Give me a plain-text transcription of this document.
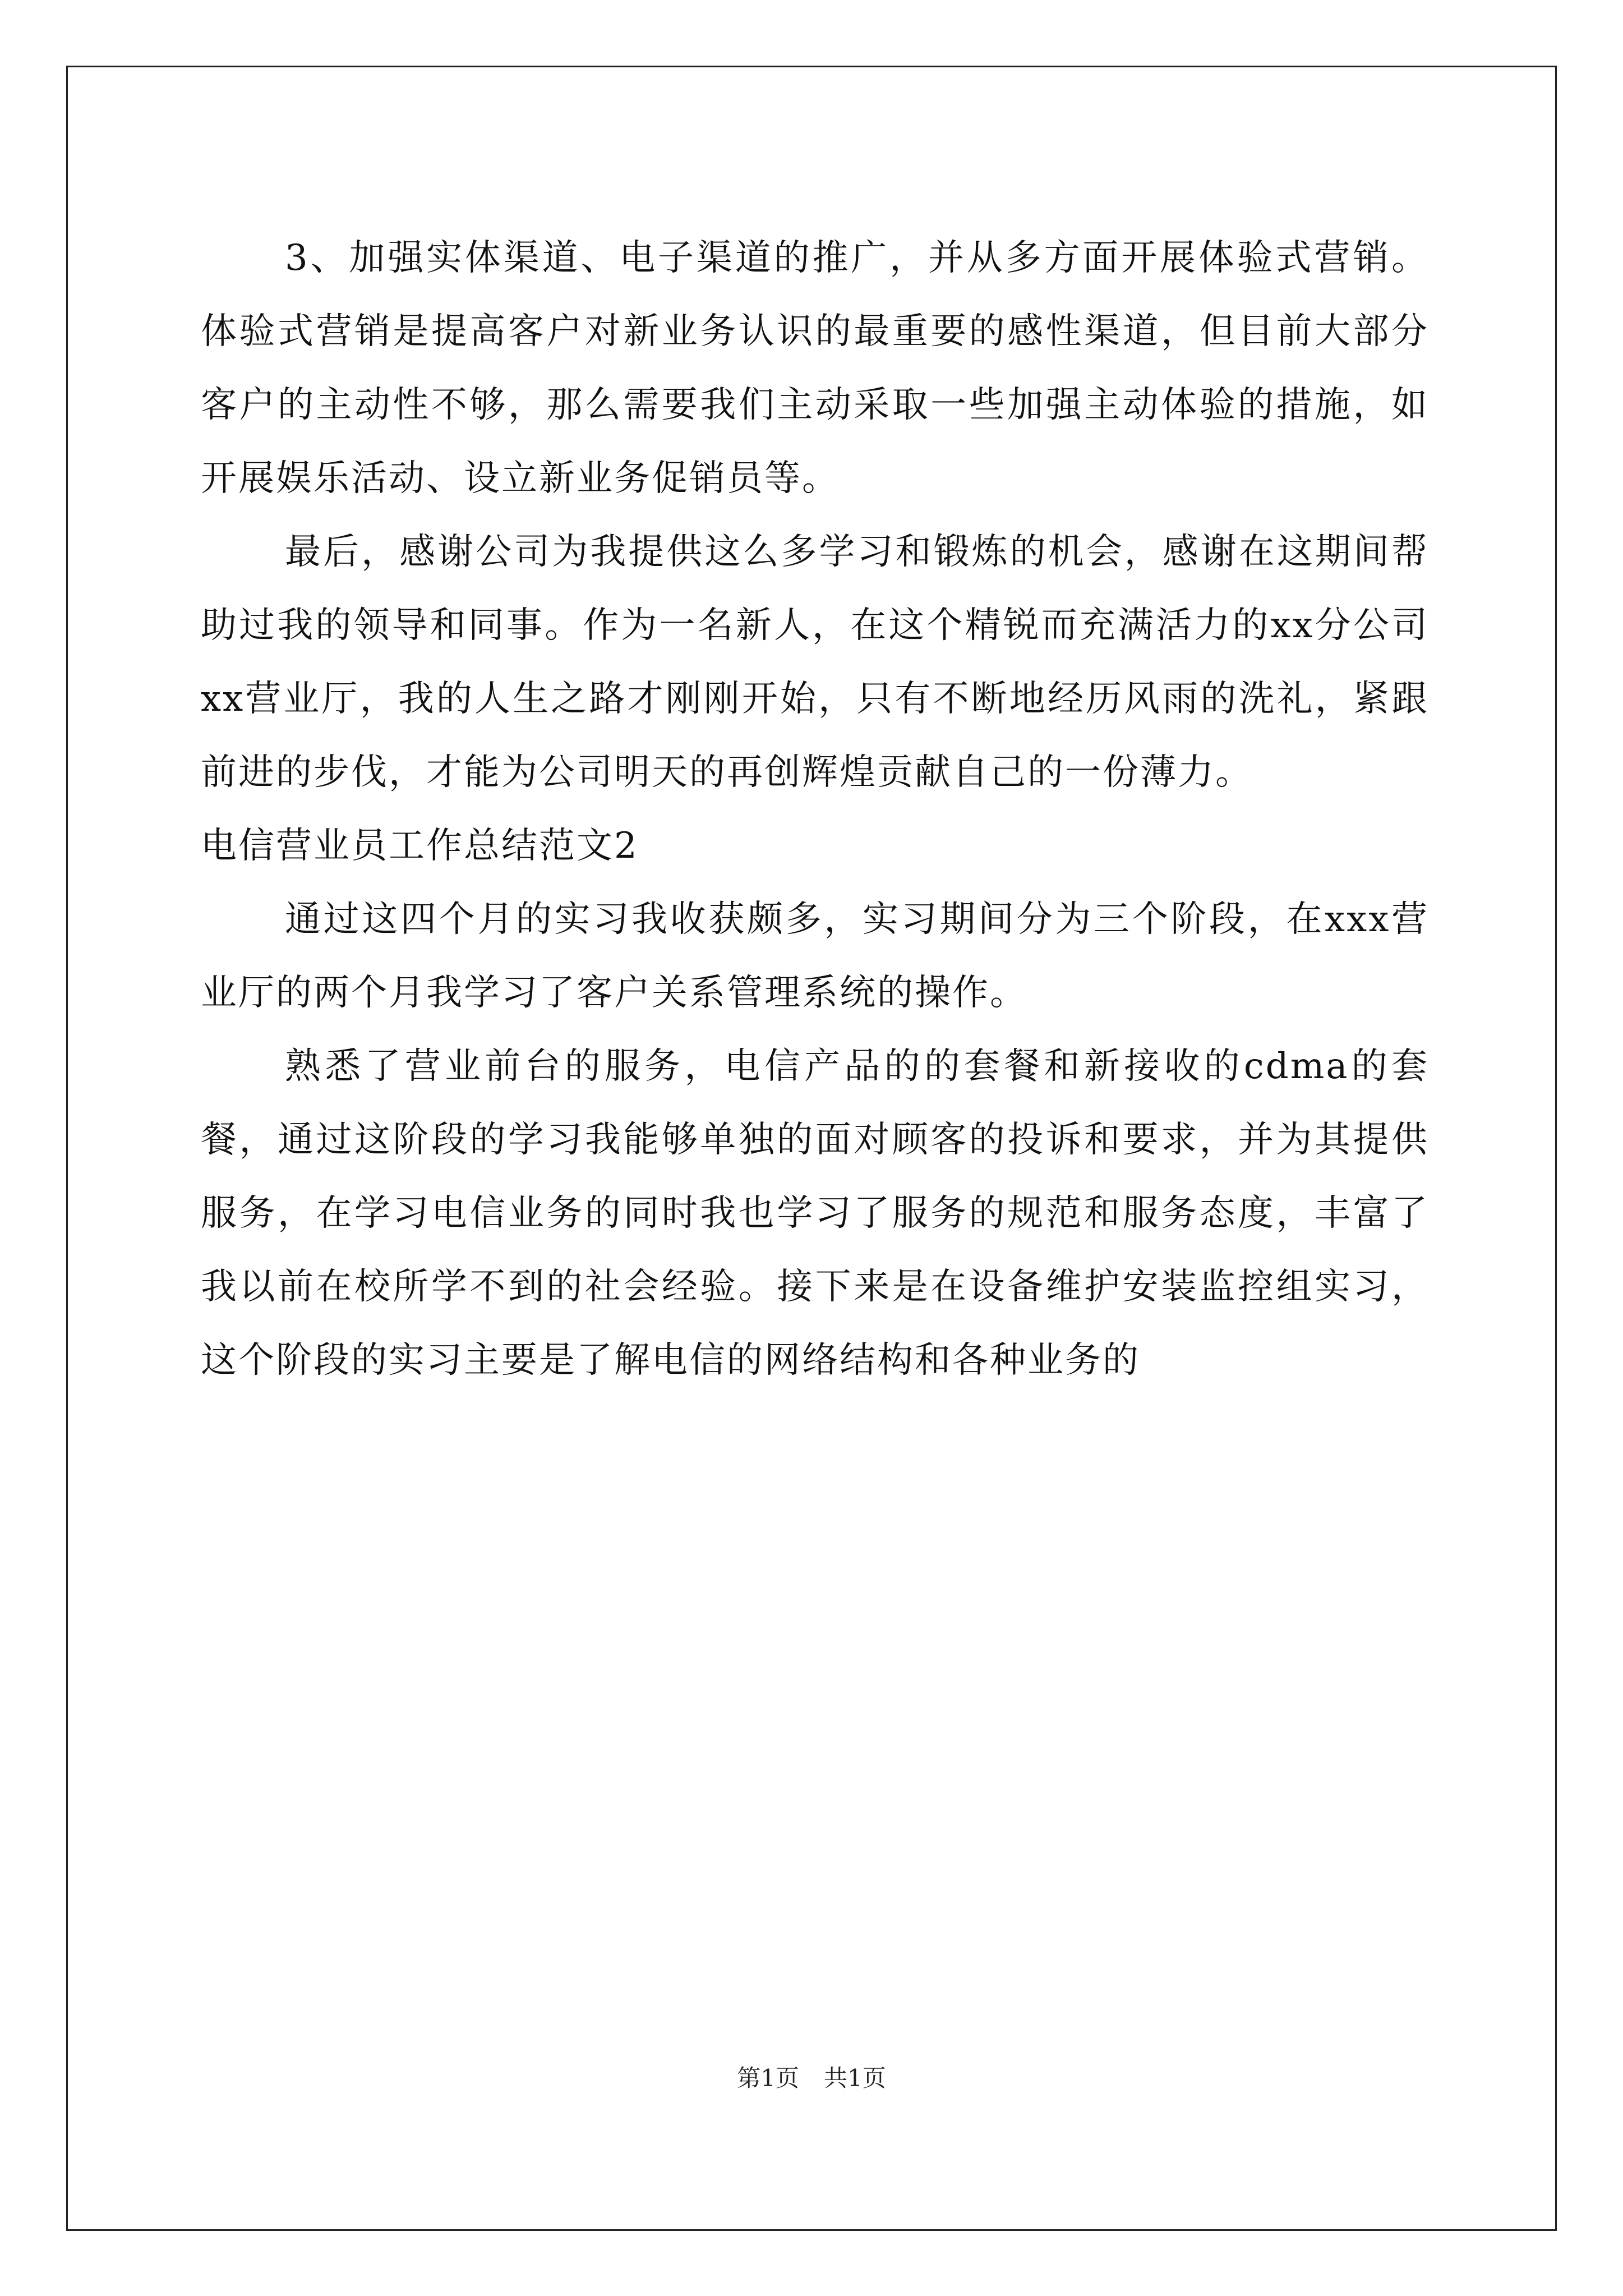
3、加强实体渠道、电子渠道的推广，并从多方面开展体验式营销。体验式营销是提高客户对新业务认识的最重要的感性渠道，但目前大部分客户的主动性不够，那么需要我们主动采取一些加强主动体验的措施，如开展娱乐活动、设立新业务促销员等。

最后，感谢公司为我提供这么多学习和锻炼的机会，感谢在这期间帮助过我的领导和同事。作为一名新人，在这个精锐而充满活力的xx分公司xx营业厅，我的人生之路才刚刚开始，只有不断地经历风雨的洗礼，紧跟前进的步伐，才能为公司明天的再创辉煌贡献自己的一份薄力。

电信营业员工作总结范文2

通过这四个月的实习我收获颇多，实习期间分为三个阶段，在xxx营业厅的两个月我学习了客户关系管理系统的操作。

熟悉了营业前台的服务，电信产品的的套餐和新接收的cdma的套餐，通过这阶段的学习我能够单独的面对顾客的投诉和要求，并为其提供服务，在学习电信业务的同时我也学习了服务的规范和服务态度，丰富了我以前在校所学不到的社会经验。接下来是在设备维护安装监控组实习，这个阶段的实习主要是了解电信的网络结构和各种业务的

第1页 共1页
